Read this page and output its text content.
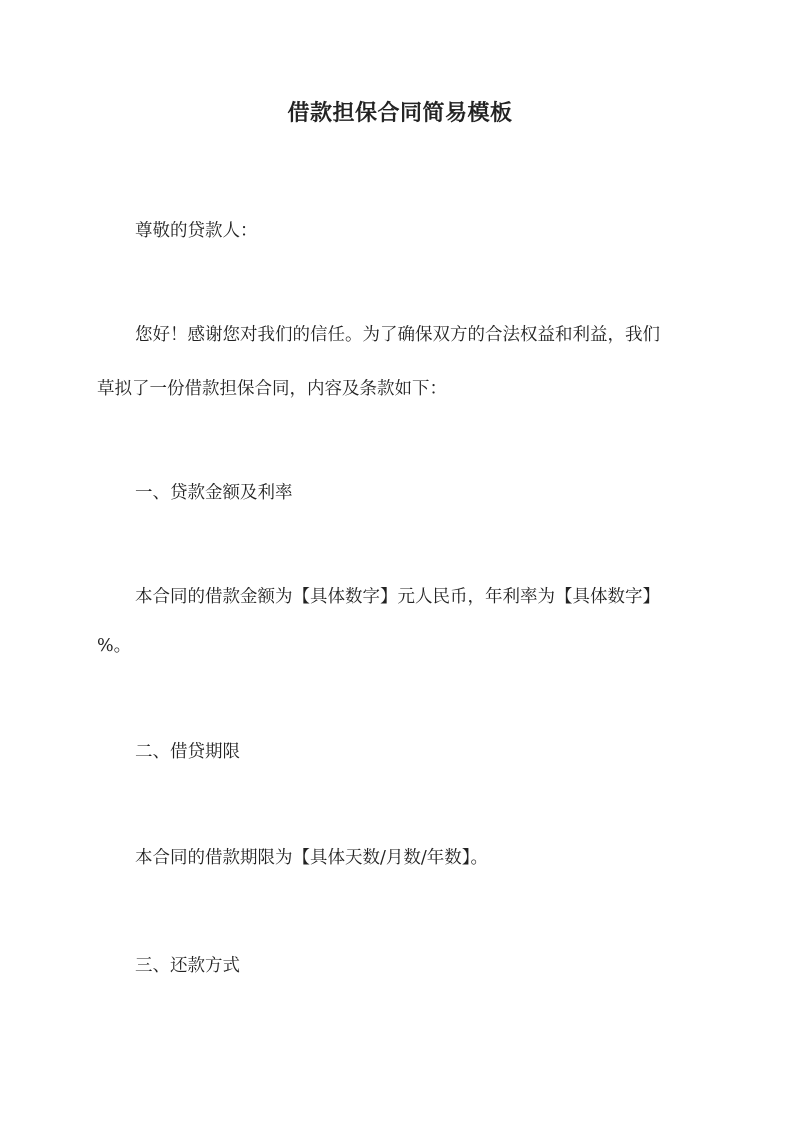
借款担保合同简易模板
尊敬的贷款人：
您好！感谢您对我们的信任。为了确保双方的合法权益和利益，我们
草拟了一份借款担保合同，内容及条款如下：
一、贷款金额及利率
本合同的借款金额为【具体数字】元人民币，年利率为【具体数字】
%。
二、借贷期限
本合同的借款期限为【具体天数/月数/年数】。
三、还款方式
